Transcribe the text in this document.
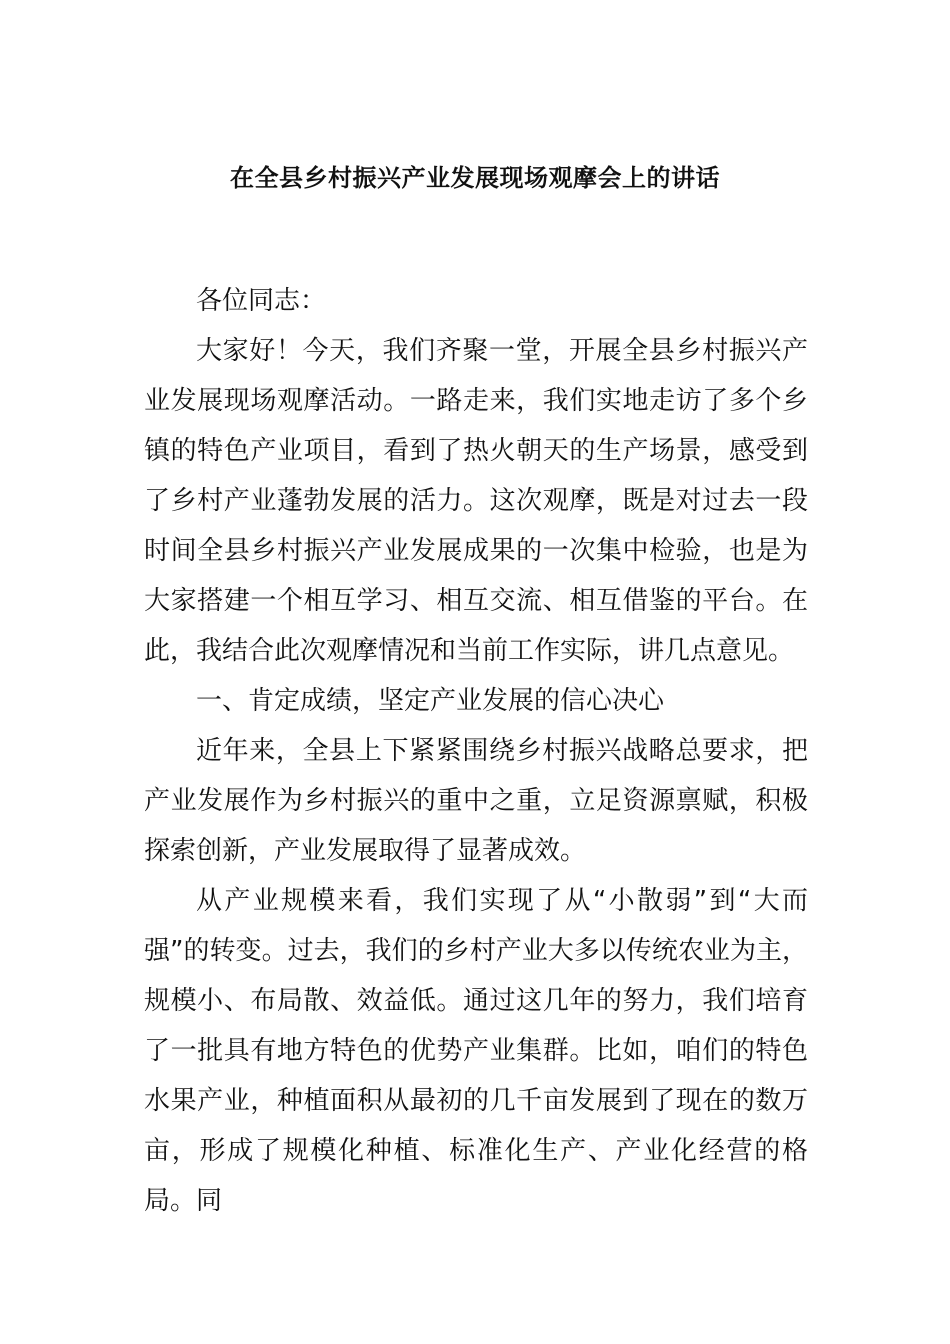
在全县乡村振兴产业发展现场观摩会上的讲话

各位同志：

大家好！今天，我们齐聚一堂，开展全县乡村振兴产业发展现场观摩活动。一路走来，我们实地走访了多个乡镇的特色产业项目，看到了热火朝天的生产场景，感受到了乡村产业蓬勃发展的活力。这次观摩，既是对过去一段时间全县乡村振兴产业发展成果的一次集中检验，也是为大家搭建一个相互学习、相互交流、相互借鉴的平台。在此，我结合此次观摩情况和当前工作实际，讲几点意见。

一、肯定成绩，坚定产业发展的信心决心

近年来，全县上下紧紧围绕乡村振兴战略总要求，把产业发展作为乡村振兴的重中之重，立足资源禀赋，积极探索创新，产业发展取得了显著成效。

从产业规模来看，我们实现了从“小散弱”到“大而强”的转变。过去，我们的乡村产业大多以传统农业为主，规模小、布局散、效益低。通过这几年的努力，我们培育了一批具有地方特色的优势产业集群。比如，咱们的特色水果产业，种植面积从最初的几千亩发展到了现在的数万亩，形成了规模化种植、标准化生产、产业化经营的格局。同
